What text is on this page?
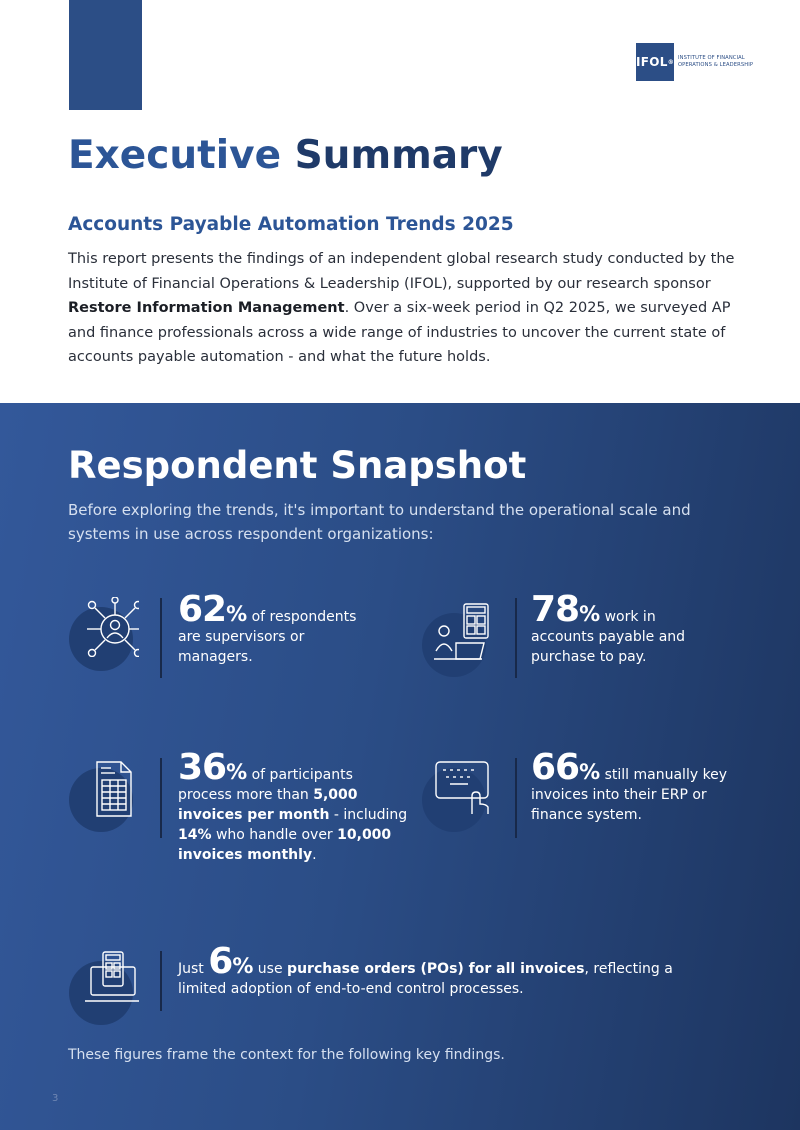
IFOL ®
INSTITUTE OF FINANCIAL
OPERATIONS & LEADERSHIP
Executive Summary
Accounts Payable Automation Trends 2025

This report presents the findings of an independent global research study conducted by the Institute of Financial Operations & Leadership (IFOL), supported by our research sponsor Restore Information Management. Over a six-week period in Q2 2025, we surveyed AP and finance professionals across a wide range of industries to uncover the current state of accounts payable automation - and what the future holds.

Respondent Snapshot

Before exploring the trends, it's important to understand the operational scale and systems in use across respondent organizations:

62% of respondents are supervisors or managers.
78% work in accounts payable and purchase to pay.
36% of participants process more than 5,000 invoices per month - including 14% who handle over 10,000 invoices monthly.
66% still manually key invoices into their ERP or finance system.
Just 6% use purchase orders (POs) for all invoices, reflecting a limited adoption of end-to-end control processes.

These figures frame the context for the following key findings.

3
